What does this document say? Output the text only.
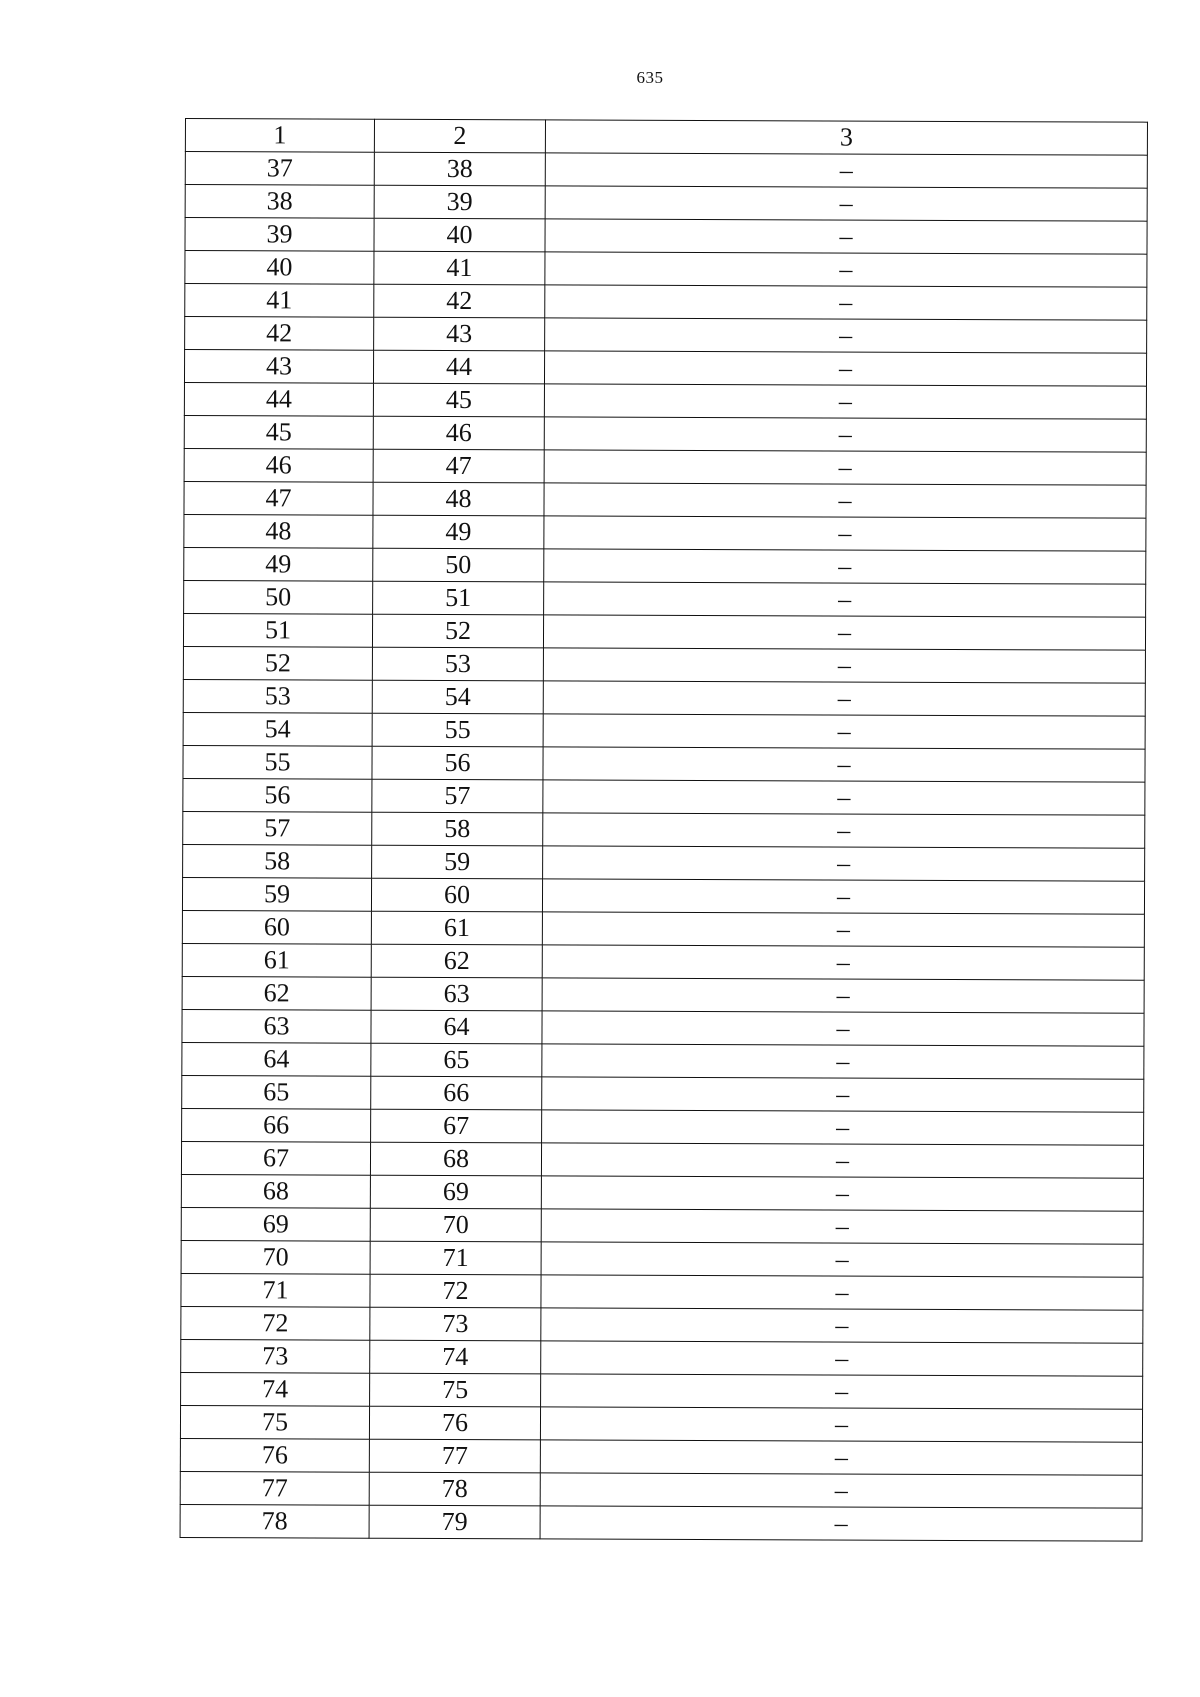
635
1	2	3
37	38	–
38	39	–
39	40	–
40	41	–
41	42	–
42	43	–
43	44	–
44	45	–
45	46	–
46	47	–
47	48	–
48	49	–
49	50	–
50	51	–
51	52	–
52	53	–
53	54	–
54	55	–
55	56	–
56	57	–
57	58	–
58	59	–
59	60	–
60	61	–
61	62	–
62	63	–
63	64	–
64	65	–
65	66	–
66	67	–
67	68	–
68	69	–
69	70	–
70	71	–
71	72	–
72	73	–
73	74	–
74	75	–
75	76	–
76	77	–
77	78	–
78	79	–
